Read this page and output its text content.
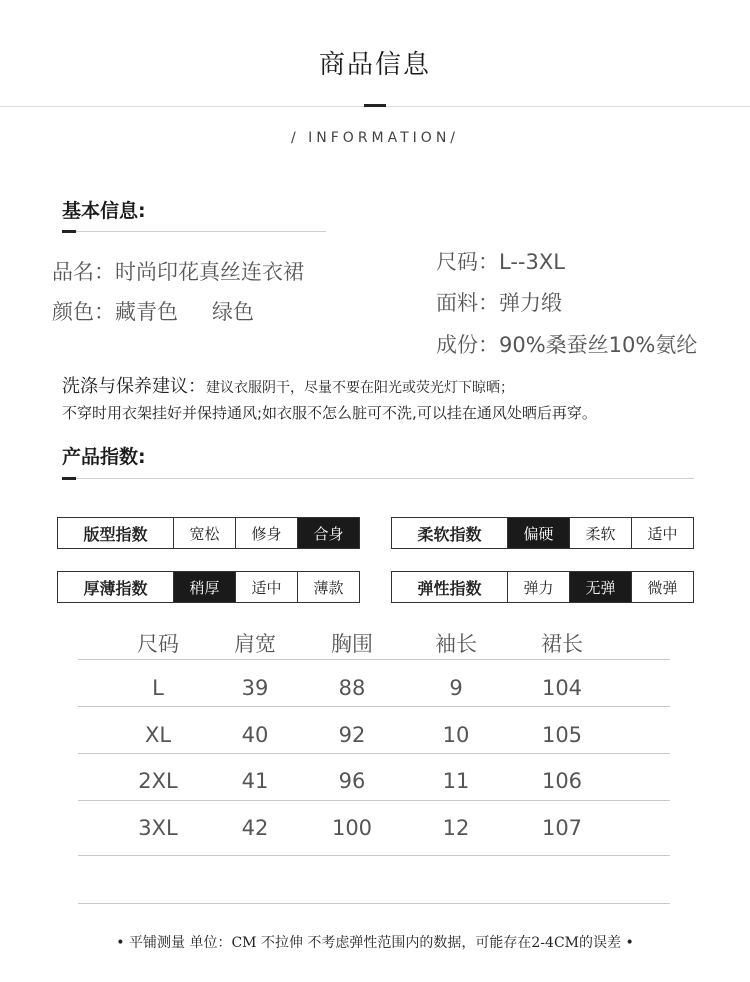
商品信息
/ INFORMATION/
基本信息:
品名：时尚印花真丝连衣裙
颜色：藏青色 绿色
尺码：L--3XL
面料：弹力缎
成份：90%桑蚕丝10%氨纶
洗涤与保养建议：建议衣服阴干，尽量不要在阳光或荧光灯下晾晒；
不穿时用衣架挂好并保持通风;如衣服不怎么脏可不洗,可以挂在通风处晒后再穿。
产品指数:
版型指数	宽松	修身	合身	柔软指数	偏硬	柔软	适中
厚薄指数	稍厚	适中	薄款	弹性指数	弹力	无弹	微弹
尺码	肩宽	胸围	袖长	裙长
L	39	88	9	104
XL	40	92	10	105
2XL	41	96	11	106
3XL	42	100	12	107
• 平铺测量 单位：CM 不拉伸 不考虑弹性范围内的数据，可能存在2-4CM的误差 •
